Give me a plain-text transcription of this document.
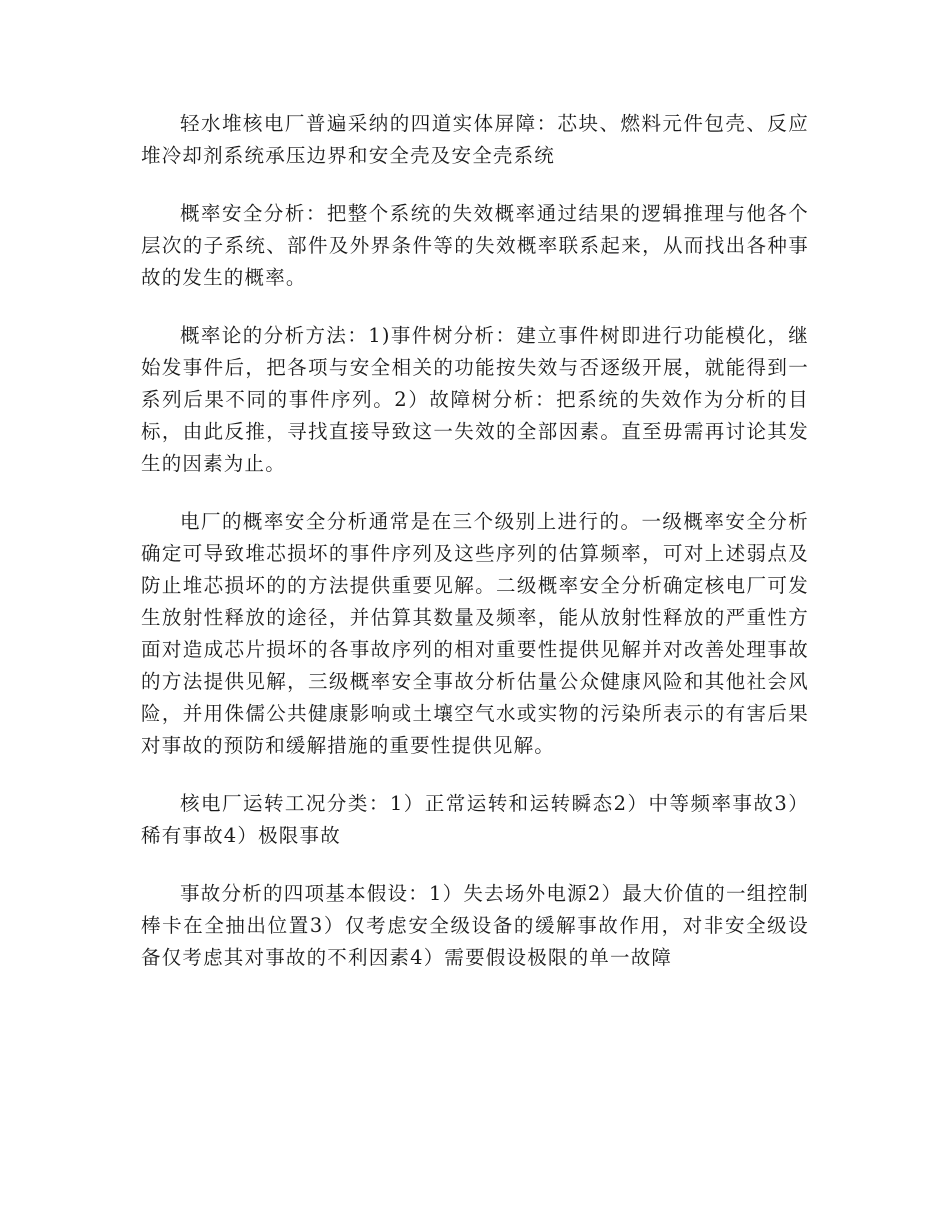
轻水堆核电厂普遍采纳的四道实体屏障：芯块、燃料元件包壳、反应堆冷却剂系统承压边界和安全壳及安全壳系统

概率安全分析：把整个系统的失效概率通过结果的逻辑推理与他各个层次的子系统、部件及外界条件等的失效概率联系起来，从而找出各种事故的发生的概率。

概率论的分析方法：1)事件树分析：建立事件树即进行功能模化，继始发事件后，把各项与安全相关的功能按失效与否逐级开展，就能得到一系列后果不同的事件序列。2）故障树分析：把系统的失效作为分析的目标，由此反推，寻找直接导致这一失效的全部因素。直至毋需再讨论其发生的因素为止。

电厂的概率安全分析通常是在三个级别上进行的。一级概率安全分析确定可导致堆芯损坏的事件序列及这些序列的估算频率，可对上述弱点及防止堆芯损坏的的方法提供重要见解。二级概率安全分析确定核电厂可发生放射性释放的途径，并估算其数量及频率，能从放射性释放的严重性方面对造成芯片损坏的各事故序列的相对重要性提供见解并对改善处理事故的方法提供见解，三级概率安全事故分析估量公众健康风险和其他社会风险，并用侏儒公共健康影响或土壤空气水或实物的污染所表示的有害后果对事故的预防和缓解措施的重要性提供见解。

核电厂运转工况分类：1）正常运转和运转瞬态2）中等频率事故3）稀有事故4）极限事故

事故分析的四项基本假设：1）失去场外电源2）最大价值的一组控制棒卡在全抽出位置3）仅考虑安全级设备的缓解事故作用，对非安全级设备仅考虑其对事故的不利因素4）需要假设极限的单一故障
